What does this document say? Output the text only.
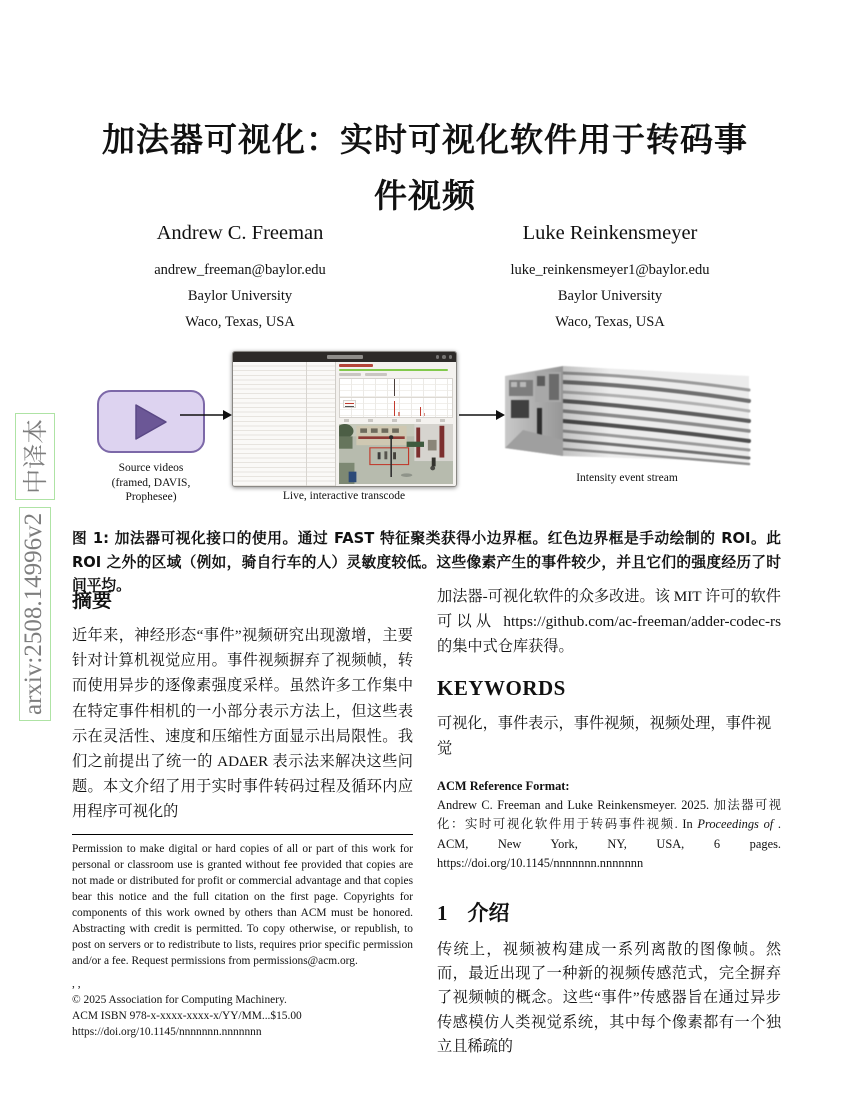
arxiv:2508.14996v2
中译本
加法器可视化：实时可视化软件用于转码事
件视频
Andrew C. Freeman
andrew_freeman@baylor.edu
Baylor University
Waco, Texas, USA
Luke Reinkensmeyer
luke_reinkensmeyer1@baylor.edu
Baylor University
Waco, Texas, USA
Source videos
(framed, DAVIS,
Prophesee)	Live, interactive transcode
Intensity event stream
图 1: 加法器可视化接口的使用。通过 FAST 特征聚类获得小边界框。红色边界框是手动绘制的 ROI。此 ROI 之外的区域（例如，骑自行车的人）灵敏度较低。这些像素产生的事件较少，并且它们的强度经历了时间平均。
摘要

近年来，神经形态“事件”视频研究出现激增，主要针对计算机视觉应用。事件视频摒弃了视频帧，转而使用异步的逐像素强度采样。虽然许多工作集中在特定事件相机的一小部分表示方法上，但这些表示在灵活性、速度和压缩性方面显示出局限性。我们之前提出了统一的 ADΔER 表示法来解决这些问题。本文介绍了用于实时事件转码过程及循环内应用程序可视化的

Permission to make digital or hard copies of all or part of this work for personal or classroom use is granted without fee provided that copies are not made or distributed for profit or commercial advantage and that copies bear this notice and the full citation on the first page. Copyrights for components of this work owned by others than ACM must be honored. Abstracting with credit is permitted. To copy otherwise, or republish, to post on servers or to redistribute to lists, requires prior specific permission and/or a fee. Request permissions from permissions@acm.org.

, ,

© 2025 Association for Computing Machinery.

ACM ISBN 978-x-xxxx-xxxx-x/YY/MM...$15.00

https://doi.org/10.1145/nnnnnnn.nnnnnnn

加法器-可视化软件的众多改进。该 MIT 许可的软件可以从 https://github.com/ac-freeman/adder-codec-rs 的集中式仓库获得。

KEYWORDS

可视化，事件表示，事件视频，视频处理，事件视觉

ACM Reference Format:

Andrew C. Freeman and Luke Reinkensmeyer. 2025. 加法器可视化：实时可视化软件用于转码事件视频. In Proceedings of . ACM, New York, NY, USA, 6 pages. https://doi.org/10.1145/nnnnnnn.nnnnnnn

1 介绍

传统上，视频被构建成一系列离散的图像帧。然而，最近出现了一种新的视频传感范式，完全摒弃了视频帧的概念。这些“事件”传感器旨在通过异步传感模仿人类视觉系统，其中每个像素都有一个独立且稀疏的
